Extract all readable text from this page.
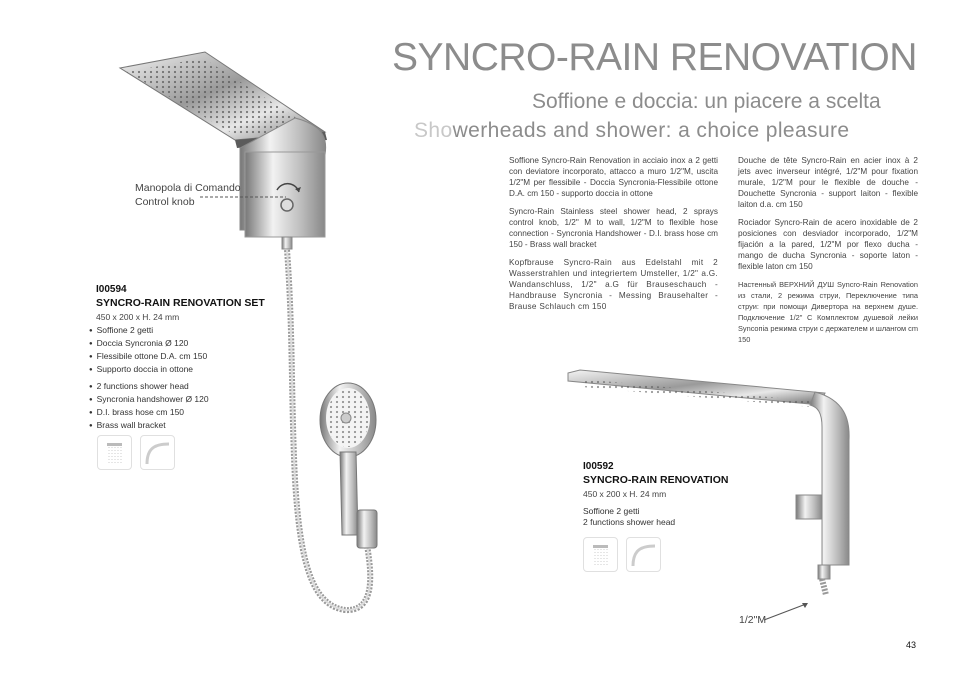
SYNCRO-RAIN RENOVATION
Soffione e doccia: un piacere a scelta
Showerheads and shower: a choice pleasure

Soffione Syncro-Rain Renovation in acciaio inox a 2 getti con deviatore incorporato, attacco a muro 1/2"M, uscita 1/2"M per flessibile - Doccia Syncronia-Flessibile ottone D.A. cm 150 - supporto doccia in ottone

Syncro-Rain Stainless steel shower head, 2 sprays control knob, 1/2" M to wall, 1/2"M to flexible hose connection - Syncronia Handshower - D.I. brass hose cm 150 - Brass wall bracket

Kopfbrause Syncro-Rain aus Edelstahl mit 2 Wasserstrahlen und integriertem Umsteller, 1/2" a.G. Wandanschluss, 1/2" a.G für Brauseschauch - Handbrause Syncronia - Messing Brausehalter - Brause Schlauch cm 150

Douche de tête Syncro-Rain en acier inox à 2 jets avec inverseur intégré, 1/2"M pour fixation murale, 1/2"M pour le flexible de douche - Douchette Syncronia - support laiton - flexible laiton d.a. cm 150

Rociador Syncro-Rain de acero inoxidable de 2 posiciones con desviador incorporado, 1/2"M fijación a la pared, 1/2"M por flexo ducha - mango de ducha Syncronia - soporte laton - flexible laton cm 150

Настенный ВЕРХНИЙ ДУШ Syncro-Rain Renovation из стали, 2 режима струи, Переключение типа струи: при помощи Дивертора на верхнем душе. Подключение 1/2" С Комплектом душевой лейки Syncoпia режима струи с держателем и шлангом cm 150

Manopola di Comando
Control knob
I00594
SYNCRO-RAIN RENOVATION SET
450 x 200 x H. 24 mm
● Soffione 2 getti
● Doccia Syncronia Ø 120
● Flessibile ottone D.A. cm 150
● Supporto doccia in ottone
● 2 functions shower head
● Syncronia handshower Ø 120
● D.I. brass hose cm 150
● Brass wall bracket
1/2"M
I00592
SYNCRO-RAIN RENOVATION
450 x 200 x H. 24 mm
Soffione 2 getti
2 functions shower head
43
